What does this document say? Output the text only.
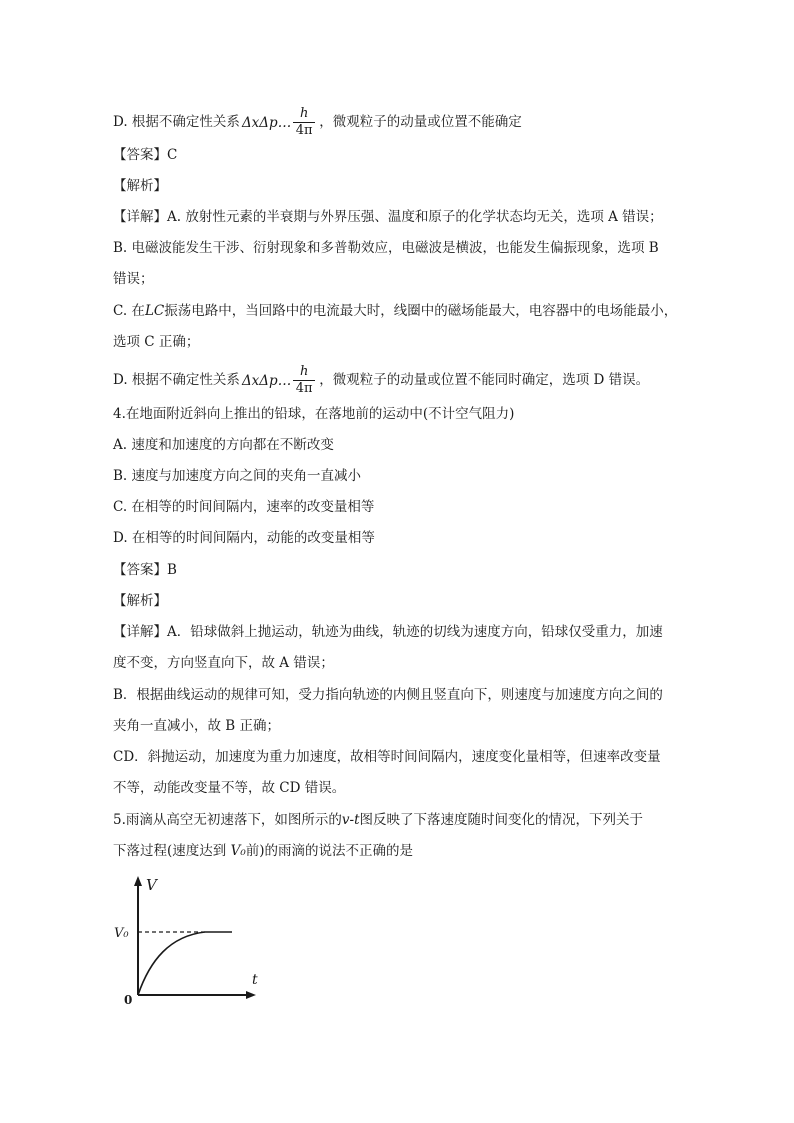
D. 根据不确定性关系 ΔxΔp… $\frac{h}{4\pi}$ ，微观粒子的动量或位置不能确定
【答案】C
【解析】
【详解】A. 放射性元素的半衰期与外界压强、温度和原子的化学状态均无关，选项 A 错误；
B. 电磁波能发生干涉、衍射现象和多普勒效应，电磁波是横波，也能发生偏振现象，选项 B
错误；
C. 在LC振荡电路中，当回路中的电流最大时，线圈中的磁场能最大，电容器中的电场能最小，
选项 C 正确；
D. 根据不确定性关系 ΔxΔp… $\frac{h}{4\pi}$ ，微观粒子的动量或位置不能同时确定，选项 D 错误。
4.在地面附近斜向上推出的铅球，在落地前的运动中(不计空气阻力)
A. 速度和加速度的方向都在不断改变
B. 速度与加速度方向之间的夹角一直减小
C. 在相等的时间间隔内，速率的改变量相等
D. 在相等的时间间隔内，动能的改变量相等
【答案】B
【解析】
【详解】A．铅球做斜上抛运动，轨迹为曲线，轨迹的切线为速度方向，铅球仅受重力，加速
度不变，方向竖直向下，故 A 错误；
B．根据曲线运动的规律可知，受力指向轨迹的内侧且竖直向下，则速度与加速度方向之间的
夹角一直减小，故 B 正确；
CD．斜抛运动，加速度为重力加速度，故相等时间间隔内，速度变化量相等，但速率改变量
不等，动能改变量不等，故 CD 错误。
5.雨滴从高空无初速落下，如图所示的v-t图反映了下落速度随时间变化的情况，下列关于
下落过程(速度达到 V₀前)的雨滴的说法不正确的是
V
t
V₀
0
